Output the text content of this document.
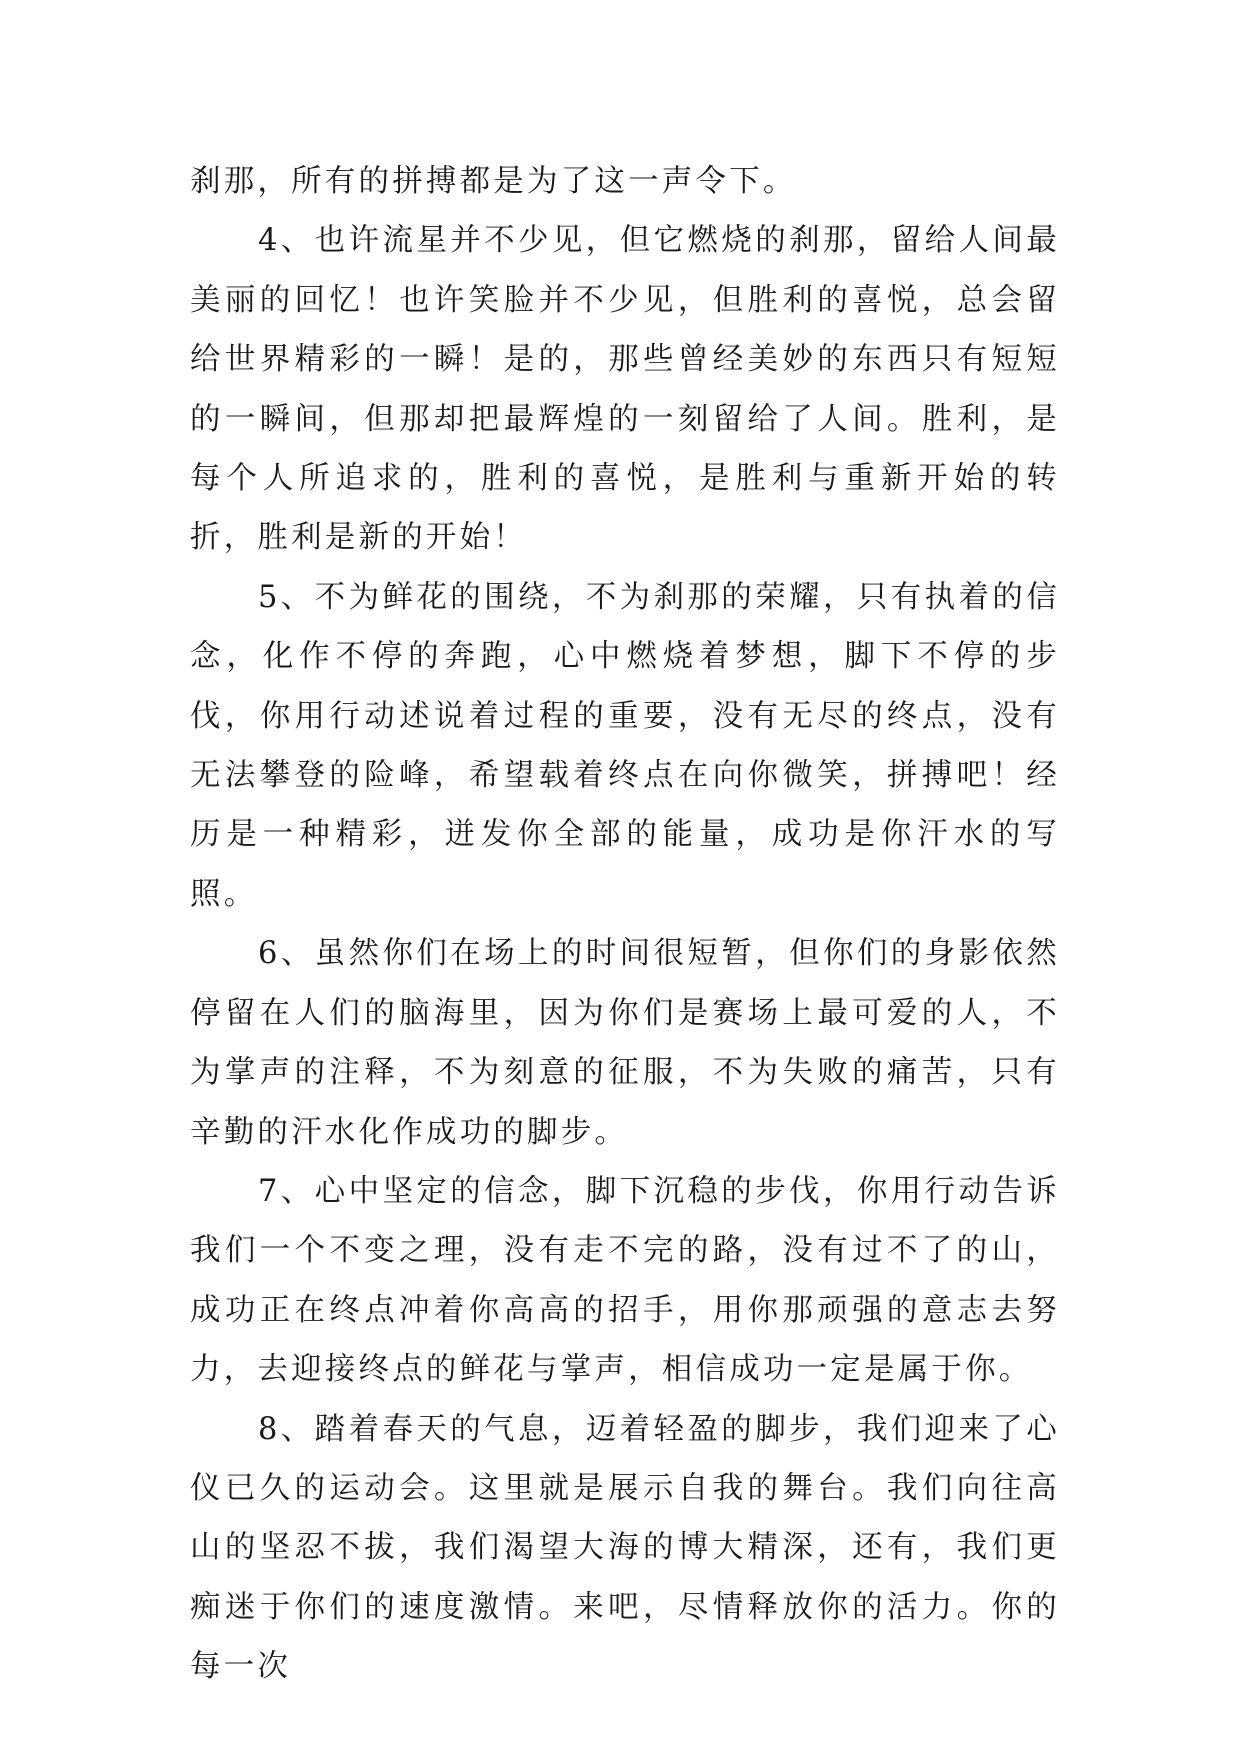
刹那，所有的拼搏都是为了这一声令下。

4、也许流星并不少见，但它燃烧的刹那，留给人间最美丽的回忆！也许笑脸并不少见，但胜利的喜悦，总会留给世界精彩的一瞬！是的，那些曾经美妙的东西只有短短的一瞬间，但那却把最辉煌的一刻留给了人间。胜利，是每个人所追求的，胜利的喜悦，是胜利与重新开始的转折，胜利是新的开始！

5、不为鲜花的围绕，不为刹那的荣耀，只有执着的信念，化作不停的奔跑，心中燃烧着梦想，脚下不停的步伐，你用行动述说着过程的重要，没有无尽的终点，没有无法攀登的险峰，希望载着终点在向你微笑，拼搏吧！经历是一种精彩，迸发你全部的能量，成功是你汗水的写照。

6、虽然你们在场上的时间很短暂，但你们的身影依然停留在人们的脑海里，因为你们是赛场上最可爱的人，不为掌声的注释，不为刻意的征服，不为失败的痛苦，只有辛勤的汗水化作成功的脚步。

7、心中坚定的信念，脚下沉稳的步伐，你用行动告诉我们一个不变之理，没有走不完的路，没有过不了的山，成功正在终点冲着你高高的招手，用你那顽强的意志去努力，去迎接终点的鲜花与掌声，相信成功一定是属于你。

8、踏着春天的气息，迈着轻盈的脚步，我们迎来了心仪已久的运动会。这里就是展示自我的舞台。我们向往高山的坚忍不拔，我们渴望大海的博大精深，还有，我们更痴迷于你们的速度激情。来吧，尽情释放你的活力。你的每一次
